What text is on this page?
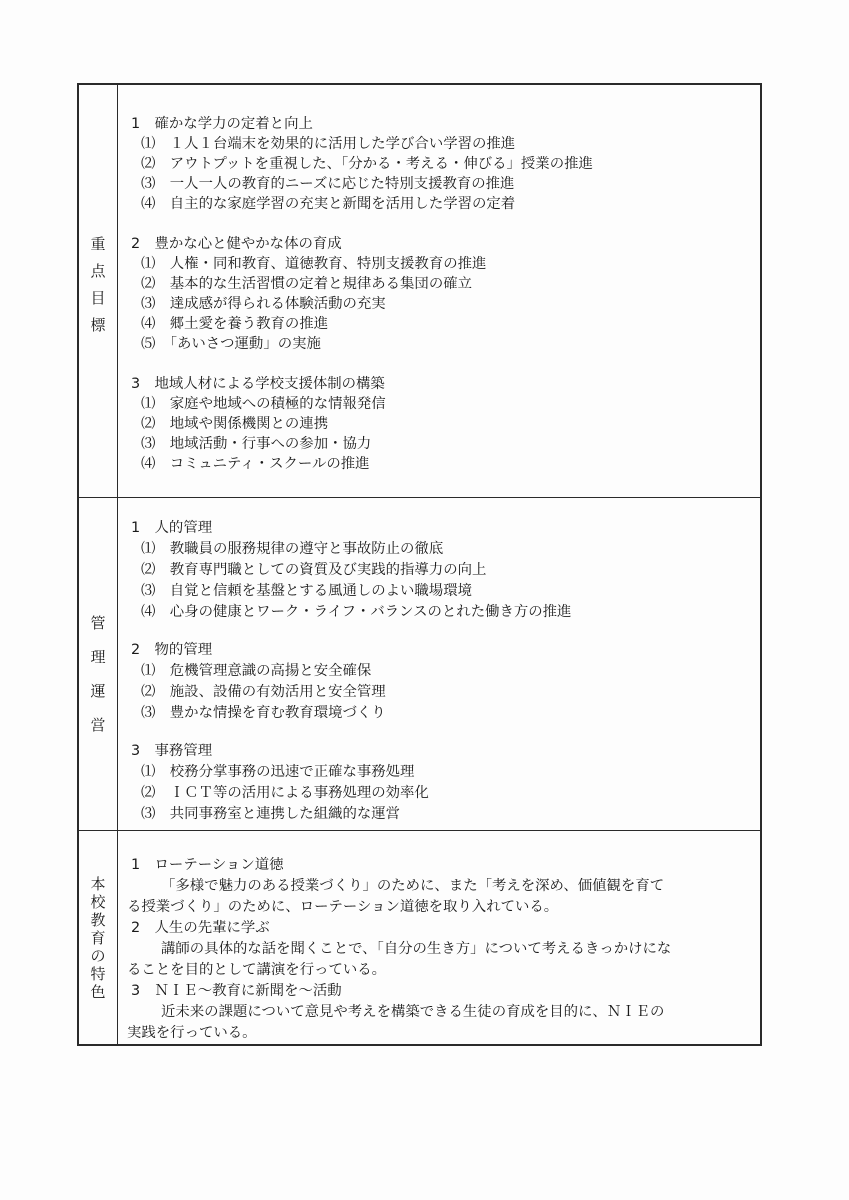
重
点
目
標
1　確かな学力の定着と向上
⑴　１人１台端末を効果的に活用した学び合い学習の推進
⑵　アウトプットを重視した、「分かる・考える・伸びる」授業の推進
⑶　一人一人の教育的ニーズに応じた特別支援教育の推進
⑷　自主的な家庭学習の充実と新聞を活用した学習の定着
2　豊かな心と健やかな体の育成
⑴　人権・同和教育、道徳教育、特別支援教育の推進
⑵　基本的な生活習慣の定着と規律ある集団の確立
⑶　達成感が得られる体験活動の充実
⑷　郷土愛を養う教育の推進
⑸　「あいさつ運動」の実施
3　地域人材による学校支援体制の構築
⑴　家庭や地域への積極的な情報発信
⑵　地域や関係機関との連携
⑶　地域活動・行事への参加・協力
⑷　コミュニティ・スクールの推進
管
理
運
営
1　人的管理
⑴　教職員の服務規律の遵守と事故防止の徹底
⑵　教育専門職としての資質及び実践的指導力の向上
⑶　自覚と信頼を基盤とする風通しのよい職場環境
⑷　心身の健康とワーク・ライフ・バランスのとれた働き方の推進
2　物的管理
⑴　危機管理意識の高揚と安全確保
⑵　施設、設備の有効活用と安全管理
⑶　豊かな情操を育む教育環境づくり
3　事務管理
⑴　校務分掌事務の迅速で正確な事務処理
⑵　ＩＣＴ等の活用による事務処理の効率化
⑶　共同事務室と連携した組織的な運営
本
校
教
育
の
特
色
1　ローテーション道徳
「多様で魅力のある授業づくり」のために、また「考えを深め、価値観を育て
る授業づくり」のために、ローテーション道徳を取り入れている。
2　人生の先輩に学ぶ
講師の具体的な話を聞くことで、「自分の生き方」について考えるきっかけにな
ることを目的として講演を行っている。
3　ＮＩＥ～教育に新聞を～活動
近未来の課題について意見や考えを構築できる生徒の育成を目的に、ＮＩＥの
実践を行っている。
